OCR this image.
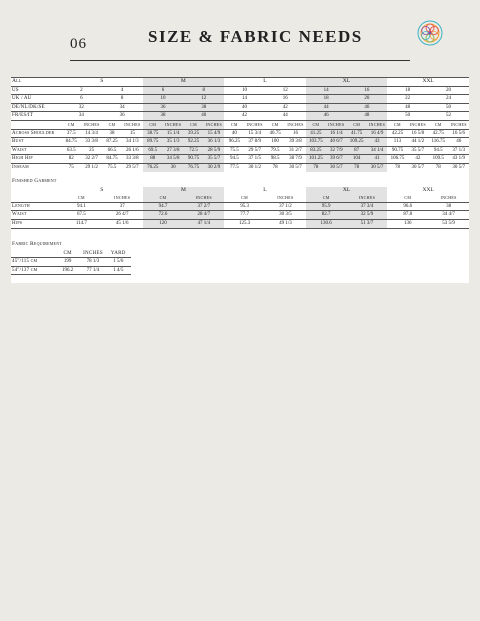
06	SIZE & FABRIC NEEDS
All	S				M				L				XL				XXL			
US	2		4		6		8		10		12		14		16		18		20	
UK / AU	6		8		10		12		14		16		18		20		22		24	
DE/NL/DK/SE	32		34		36		38		40		42		44		46		48		50	
FR/ES/IT	34		36		38		40		42		44		46		48		50		52	
	CM	INCHES	CM	INCHES	CM	INCHES	CM	INCHES	CM	INCHES	CM	INCHES	CM	INCHES	CM	INCHES	CM	INCHES	CM	INCHES
Across Shoulder	37.5	14 3/4	38	15	38.75	15 1/4	39.25	15 4/9	40	15 3/4	40.75	16	41.25	16 1/4	41.75	16 4/9	42.25	16 5/8	42.75	16 5/6
Bust	84.75	33 3/8	87.25	34 1/3	89.75	35 1/3	92.25	36 1/3	96.25	37 8/9	100	39 3/8	103.75	40 6/7	109.25	43	113	44 1/2	116.75	46
Waist	63.5	25	66.5	26 1/6	69.5	27 3/8	72.5	28 5/9	75.5	29 5/7	79.5	31 2/7	83.25	32 7/9	87	34 1/4	90.75	35 5/7	94.5	37 1/3
High Hip	82	32 2/7	84.75	33 3/8	88	34 5/8	90.75	35 5/7	94.5	37 1/5	98.5	38 7/9	101.25	39 6/7	104	41	106.75	42	109.5	43 1/9
Inseam	75	29 1/2	75.5	29 5/7	76.25	30	76.75	30 2/9	77.5	30 1/2	78	30 5/7	78	30 5/7	78	30 5/7	78	30 5/7	78	30 5/7
Finished Garment
	S		M		L		XL		XXL	
	CM	INCHES	CM	INCHES	CM	INCHES	CM	INCHES	CM	INCHES
Length	94.1	37	94.7	37 2/7	95.3	37 1/2	95.9	37 3/4	96.6	38
Waist	67.5	26 4/7	72.6	28 4/7	77.7	30 3/5	82.7	32 5/9	87.8	34 4/7
Hips	114.7	45 1/6	120	47 1/4	125.3	49 1/3	130.6	51 3/7	136	53 5/9
Fabric Requirement
	CM	INCHES	YARD
45"/115 cm	199	78 1/3	1 5/6
54"/137 cm	196.2	77 1/4	1 4/5
